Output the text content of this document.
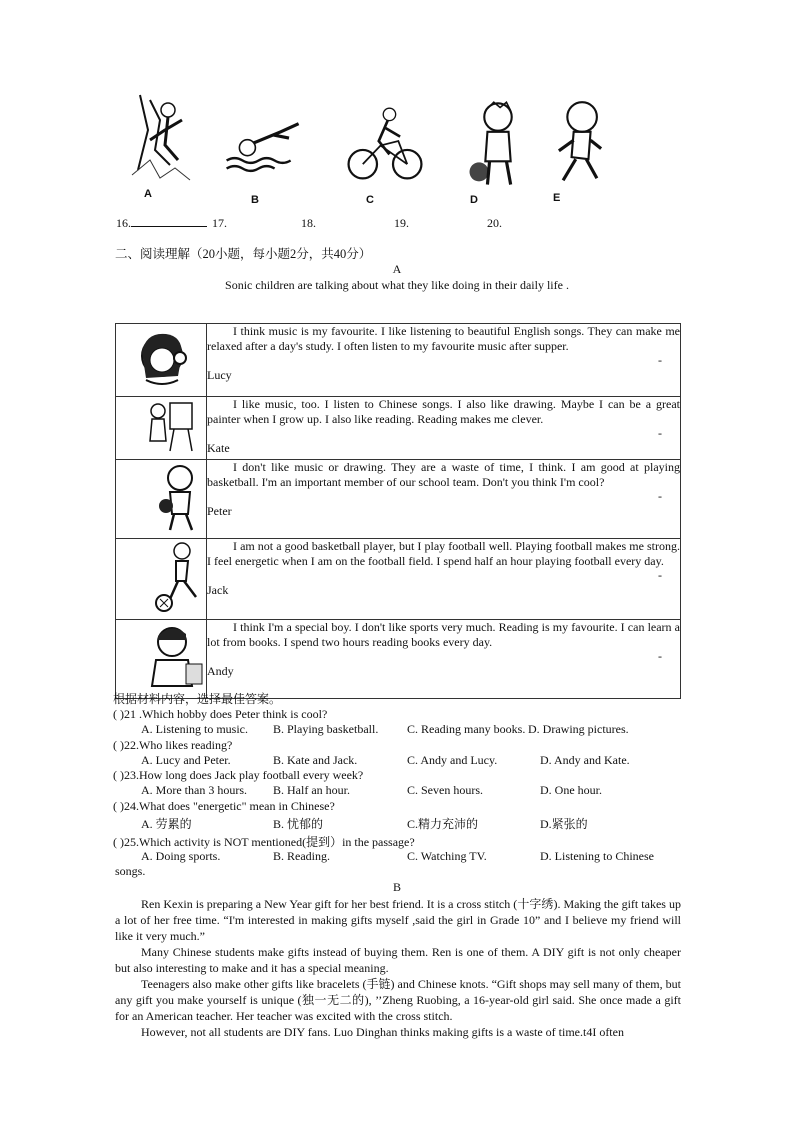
A	B	C	D	E
16.	17.	18.	19.	20.
二、阅读理解（20小题，每小题2分，共40分）
A
Sonic children are talking about what they like doing in their daily life .

I think music is my favourite. I like listening to beautiful English songs. They can make me relaxed after a day's study. I often listen to my favourite music after supper.
-
Lucy

I like music, too. I listen to Chinese songs. I also like drawing. Maybe I can be a great painter when I grow up. I also like reading. Reading makes me clever.
-
Kate

I don't like music or drawing. They are a waste of time, I think. I am good at playing basketball. I'm an important member of our school team. Don't you think I'm cool?
-
Peter

I am not a good basketball player, but I play football well. Playing football makes me strong. I feel energetic when I am on the football field. I spend half an hour playing football every day.
-
Jack

I think I'm a special boy. I don't like sports very much. Reading is my favourite. I can learn a lot from books. I spend two hours reading books every day.
-
Andy
根据材料内容，选择最佳答案。
( )21 .Which hobby does Peter think is cool?
A. Listening to music. B. Playing basketball. C. Reading many books. D. Drawing pictures.
( )22.Who likes reading?
A. Lucy and Peter.	B. Kate and Jack.	C. Andy and Lucy.	D. Andy and Kate.
( )23.How long does Jack play football every week?
A. More than 3 hours. B. Half an hour.	C. Seven hours.	D. One hour.
( )24.What does "energetic" mean in Chinese?
A. 劳累的	B. 忧郁的	C.精力充沛的	D.紧张的
( )25.Which activity is NOT mentioned(提到）in the passage?
A. Doing sports.	B. Reading.	C. Watching TV.	D. Listening to Chinese
songs.
B
Ren Kexin is preparing a New Year gift for her best friend. It is a cross stitch (十字绣). Making the gift takes up a lot of her free time. “I'm interested in making gifts myself ,said the girl in Grade 10” and I believe my friend will like it very much.”
Many Chinese students make gifts instead of buying them. Ren is one of them. A DIY gift is not only cheaper but also interesting to make and it has a special meaning.
Teenagers also make other gifts like bracelets (手链) and Chinese knots. “Gift shops may sell many of them, but any gift you make yourself is unique (独一无二的), ’’Zheng Ruobing, a 16-year-old girl said. She once made a gift for an American teacher. Her teacher was excited with the cross stitch.
However, not all students are DIY fans. Luo Dinghan thinks making gifts is a waste of time.t4I often
